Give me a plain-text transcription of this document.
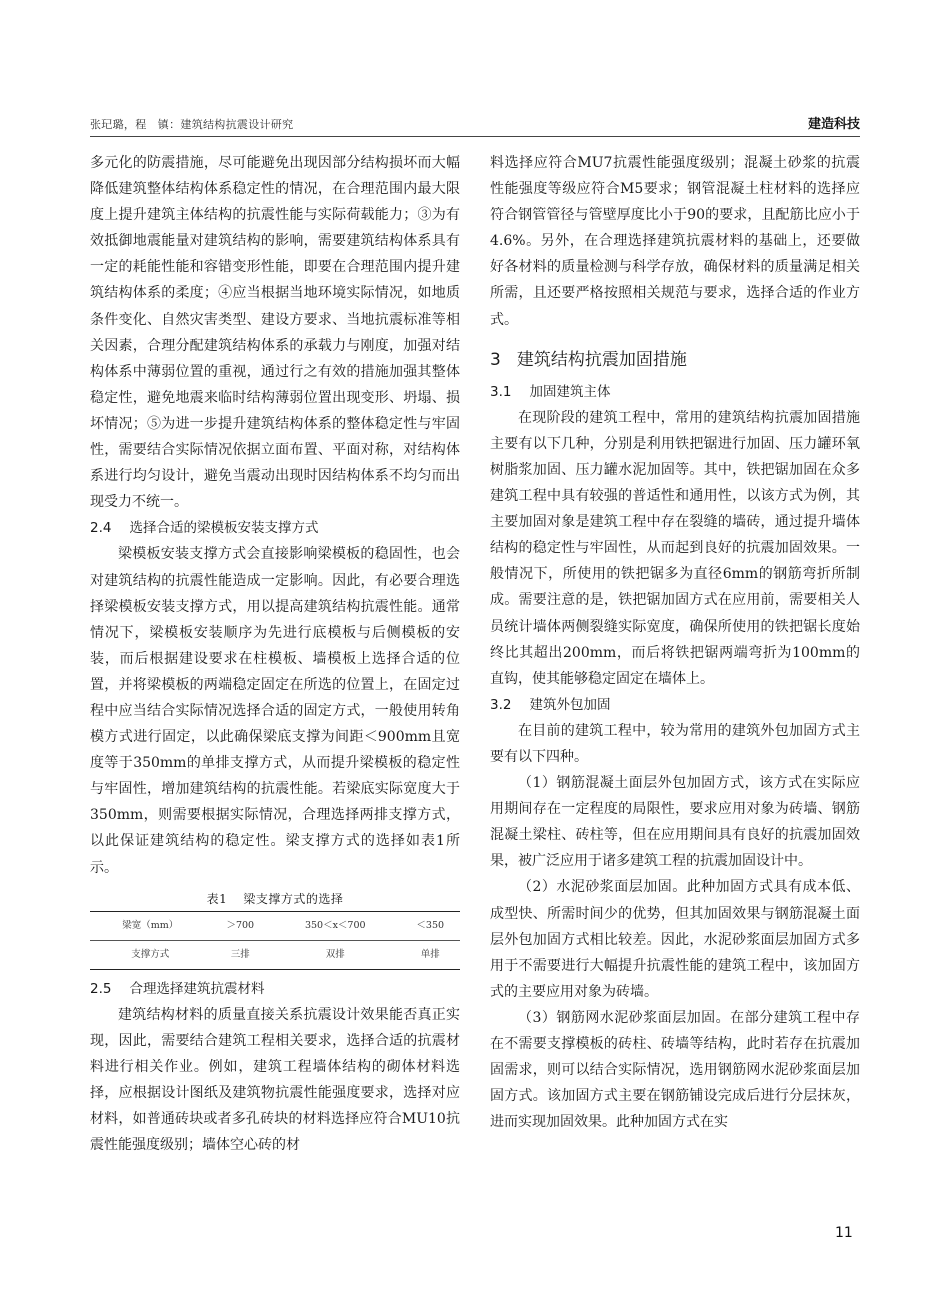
张玘璐，程　镇：建筑结构抗震设计研究	建造科技

多元化的防震措施，尽可能避免出现因部分结构损坏而大幅降低建筑整体结构体系稳定性的情况，在合理范围内最大限度上提升建筑主体结构的抗震性能与实际荷载能力；③为有效抵御地震能量对建筑结构的影响，需要建筑结构体系具有一定的耗能性能和容错变形性能，即要在合理范围内提升建筑结构体系的柔度；④应当根据当地环境实际情况，如地质条件变化、自然灾害类型、建设方要求、当地抗震标准等相关因素，合理分配建筑结构体系的承载力与刚度，加强对结构体系中薄弱位置的重视，通过行之有效的措施加强其整体稳定性，避免地震来临时结构薄弱位置出现变形、坍塌、损坏情况；⑤为进一步提升建筑结构体系的整体稳定性与牢固性，需要结合实际情况依据立面布置、平面对称，对结构体系进行均匀设计，避免当震动出现时因结构体系不均匀而出现受力不统一。

2.4 选择合适的梁模板安装支撑方式

梁模板安装支撑方式会直接影响梁模板的稳固性，也会对建筑结构的抗震性能造成一定影响。因此，有必要合理选择梁模板安装支撑方式，用以提高建筑结构抗震性能。通常情况下，梁模板安装顺序为先进行底模板与后侧模板的安装，而后根据建设要求在柱模板、墙模板上选择合适的位置，并将梁模板的两端稳定固定在所选的位置上，在固定过程中应当结合实际情况选择合适的固定方式，一般使用转角模方式进行固定，以此确保梁底支撑为间距＜900mm且宽度等于350mm的单排支撑方式，从而提升梁模板的稳定性与牢固性，增加建筑结构的抗震性能。若梁底实际宽度大于350mm，则需要根据实际情况，合理选择两排支撑方式，以此保证建筑结构的稳定性。梁支撑方式的选择如表1所示。

表1 梁支撑方式的选择
梁宽（mm）	＞700	350＜x＜700	＜350
支撑方式	三排	双排	单排
2.5 合理选择建筑抗震材料

建筑结构材料的质量直接关系抗震设计效果能否真正实现，因此，需要结合建筑工程相关要求，选择合适的抗震材料进行相关作业。例如，建筑工程墙体结构的砌体材料选择，应根据设计图纸及建筑物抗震性能强度要求，选择对应材料，如普通砖块或者多孔砖块的材料选择应符合MU10抗震性能强度级别；墙体空心砖的材

料选择应符合MU7抗震性能强度级别；混凝土砂浆的抗震性能强度等级应符合M5要求；钢管混凝土柱材料的选择应符合钢管管径与管壁厚度比小于90的要求，且配筋比应小于4.6%。另外，在合理选择建筑抗震材料的基础上，还要做好各材料的质量检测与科学存放，确保材料的质量满足相关所需，且还要严格按照相关规范与要求，选择合适的作业方式。

3 建筑结构抗震加固措施
3.1 加固建筑主体

在现阶段的建筑工程中，常用的建筑结构抗震加固措施主要有以下几种，分别是利用铁把锯进行加固、压力罐环氧树脂浆加固、压力罐水泥加固等。其中，铁把锯加固在众多建筑工程中具有较强的普适性和通用性，以该方式为例，其主要加固对象是建筑工程中存在裂缝的墙砖，通过提升墙体结构的稳定性与牢固性，从而起到良好的抗震加固效果。一般情况下，所使用的铁把锯多为直径6mm的钢筋弯折所制成。需要注意的是，铁把锯加固方式在应用前，需要相关人员统计墙体两侧裂缝实际宽度，确保所使用的铁把锯长度始终比其超出200mm，而后将铁把锯两端弯折为100mm的直钩，使其能够稳定固定在墙体上。

3.2 建筑外包加固

在目前的建筑工程中，较为常用的建筑外包加固方式主要有以下四种。

（1）钢筋混凝土面层外包加固方式，该方式在实际应用期间存在一定程度的局限性，要求应用对象为砖墙、钢筋混凝土梁柱、砖柱等，但在应用期间具有良好的抗震加固效果，被广泛应用于诸多建筑工程的抗震加固设计中。

（2）水泥砂浆面层加固。此种加固方式具有成本低、成型快、所需时间少的优势，但其加固效果与钢筋混凝土面层外包加固方式相比较差。因此，水泥砂浆面层加固方式多用于不需要进行大幅提升抗震性能的建筑工程中，该加固方式的主要应用对象为砖墙。

（3）钢筋网水泥砂浆面层加固。在部分建筑工程中存在不需要支撑模板的砖柱、砖墙等结构，此时若存在抗震加固需求，则可以结合实际情况，选用钢筋网水泥砂浆面层加固方式。该加固方式主要在钢筋铺设完成后进行分层抹灰，进而实现加固效果。此种加固方式在实

11
